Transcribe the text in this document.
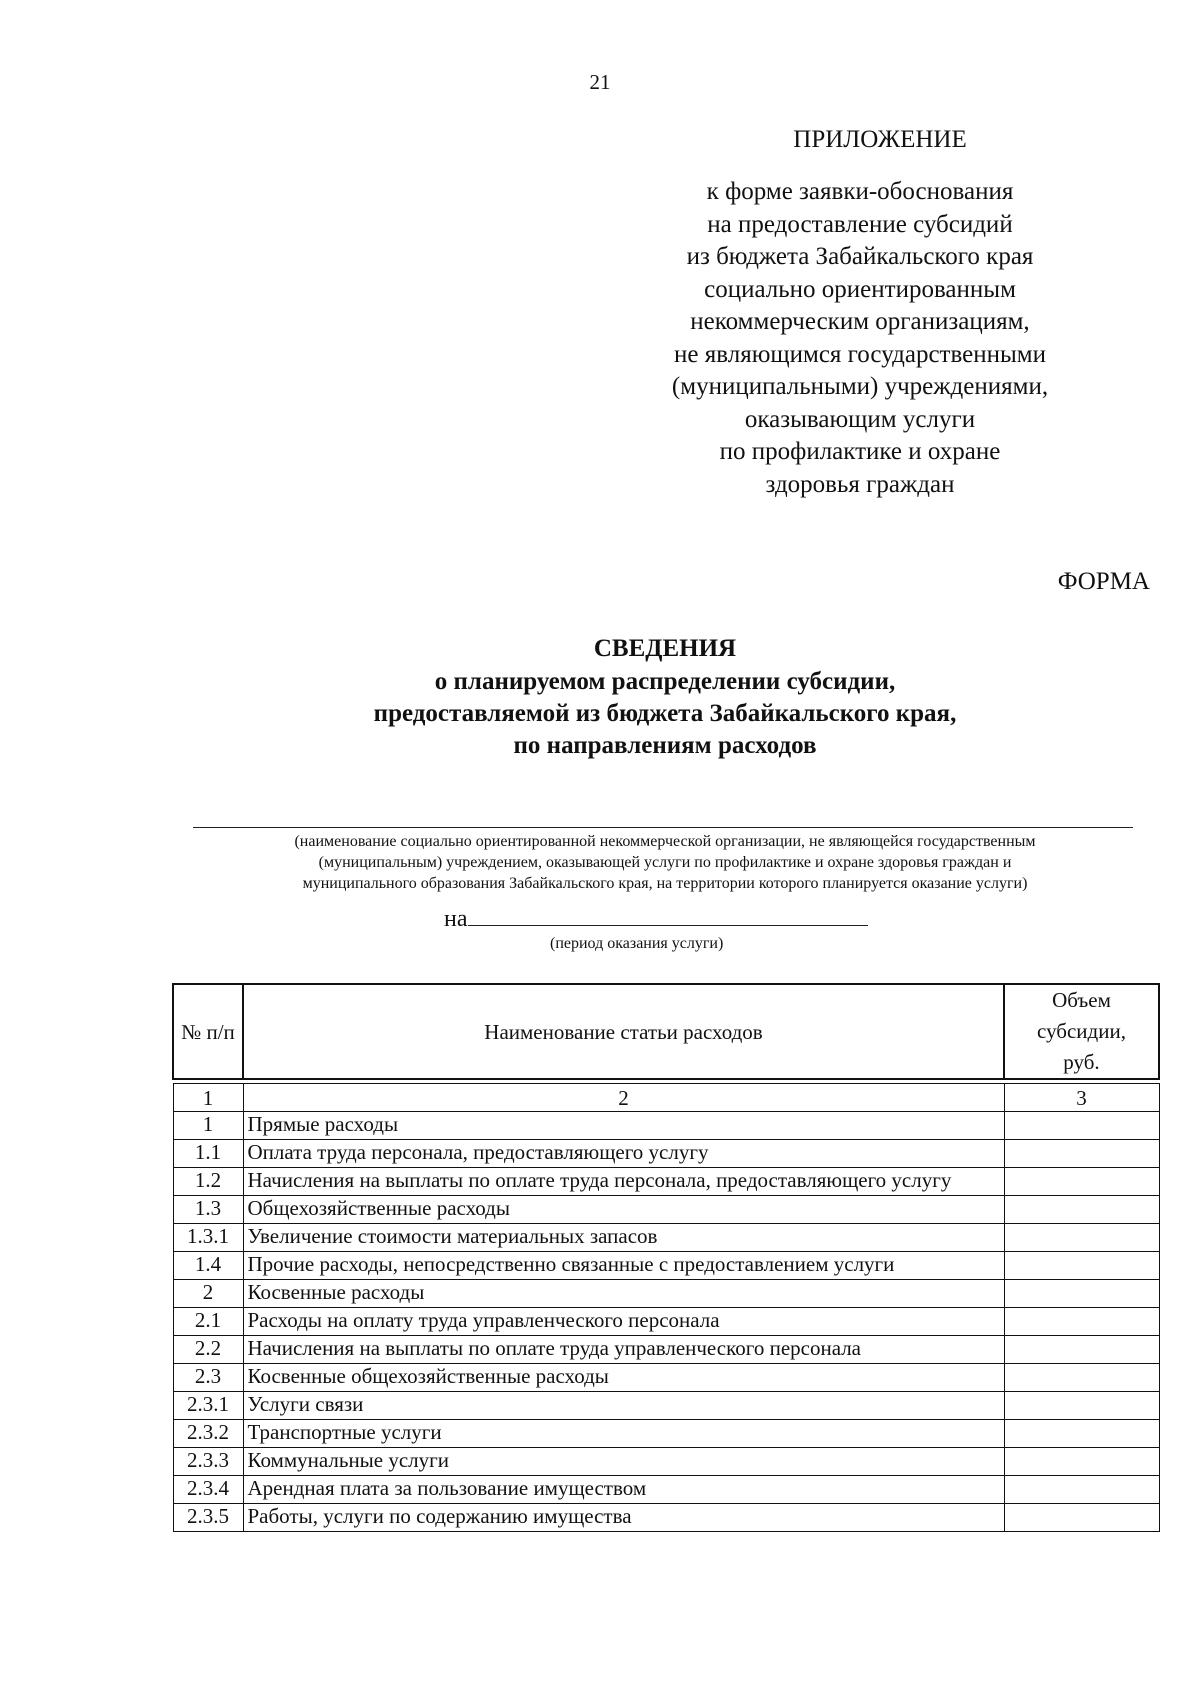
21
ПРИЛОЖЕНИЕ
к форме заявки-обоснования
на предоставление субсидий
из бюджета Забайкальского края
социально ориентированным
некоммерческим организациям,
не являющимся государственными
(муниципальными) учреждениями,
оказывающим услуги
по профилактике и охране
здоровья граждан
ФОРМА
СВЕДЕНИЯ
о планируемом распределении субсидии,
предоставляемой из бюджета Забайкальского края,
по направлениям расходов
(наименование социально ориентированной некоммерческой организации, не являющейся государственным
(муниципальным) учреждением, оказывающей услуги по профилактике и охране здоровья граждан и
муниципального образования Забайкальского края, на территории которого планируется оказание услуги)
на
(период оказания услуги)
№ п/п	Наименование статьи расходов	Объем
субсидии,
руб.

1	2	3
1	Прямые расходы	
1.1	Оплата труда персонала, предоставляющего услугу	
1.2	Начисления на выплаты по оплате труда персонала, предоставляющего услугу	
1.3	Общехозяйственные расходы	
1.3.1	Увеличение стоимости материальных запасов	
1.4	Прочие расходы, непосредственно связанные с предоставлением услуги	
2	Косвенные расходы	
2.1	Расходы на оплату труда управленческого персонала	
2.2	Начисления на выплаты по оплате труда управленческого персонала	
2.3	Косвенные общехозяйственные расходы	
2.3.1	Услуги связи	
2.3.2	Транспортные услуги	
2.3.3	Коммунальные услуги	
2.3.4	Арендная плата за пользование имуществом	
2.3.5	Работы, услуги по содержанию имущества	
